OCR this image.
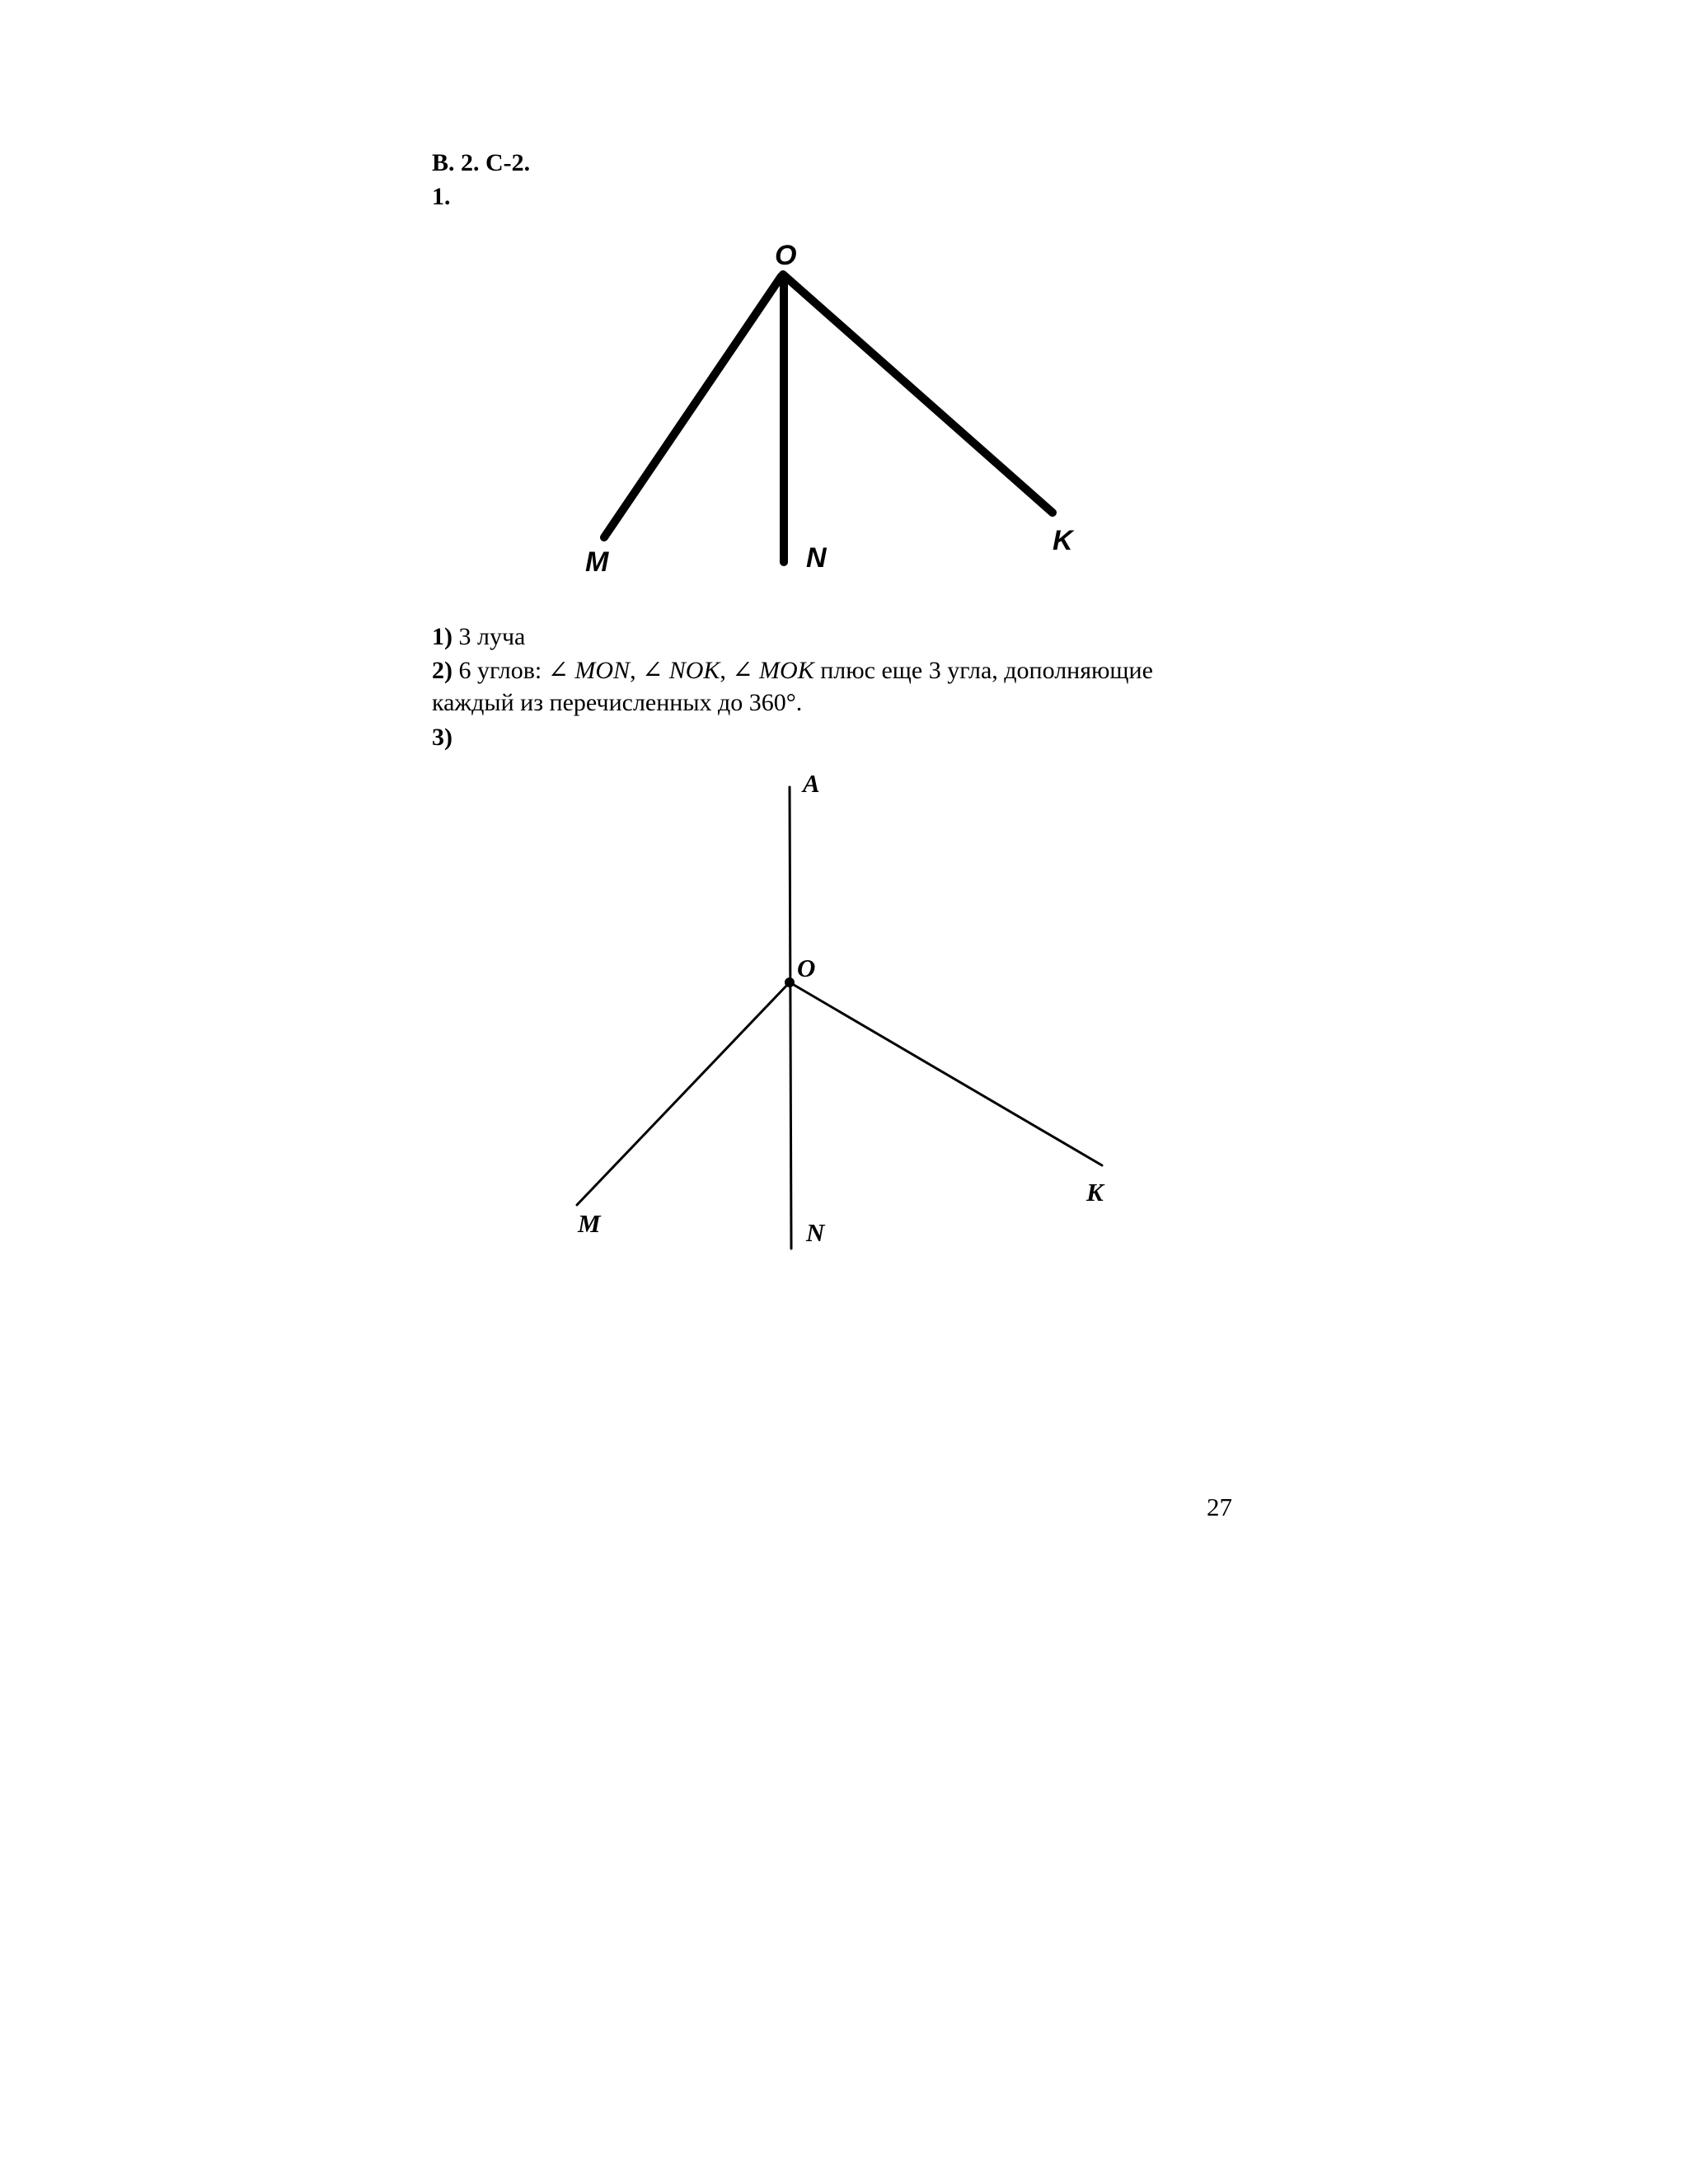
В. 2. С-2.
1.
O
M	N
K
1) 3 луча
2) 6 углов: ∠ MON, ∠ NOK, ∠ MOK плюс еще 3 угла, дополняющие
каждый из перечисленных до 360°.
3)
A
O
M	N
K
27
